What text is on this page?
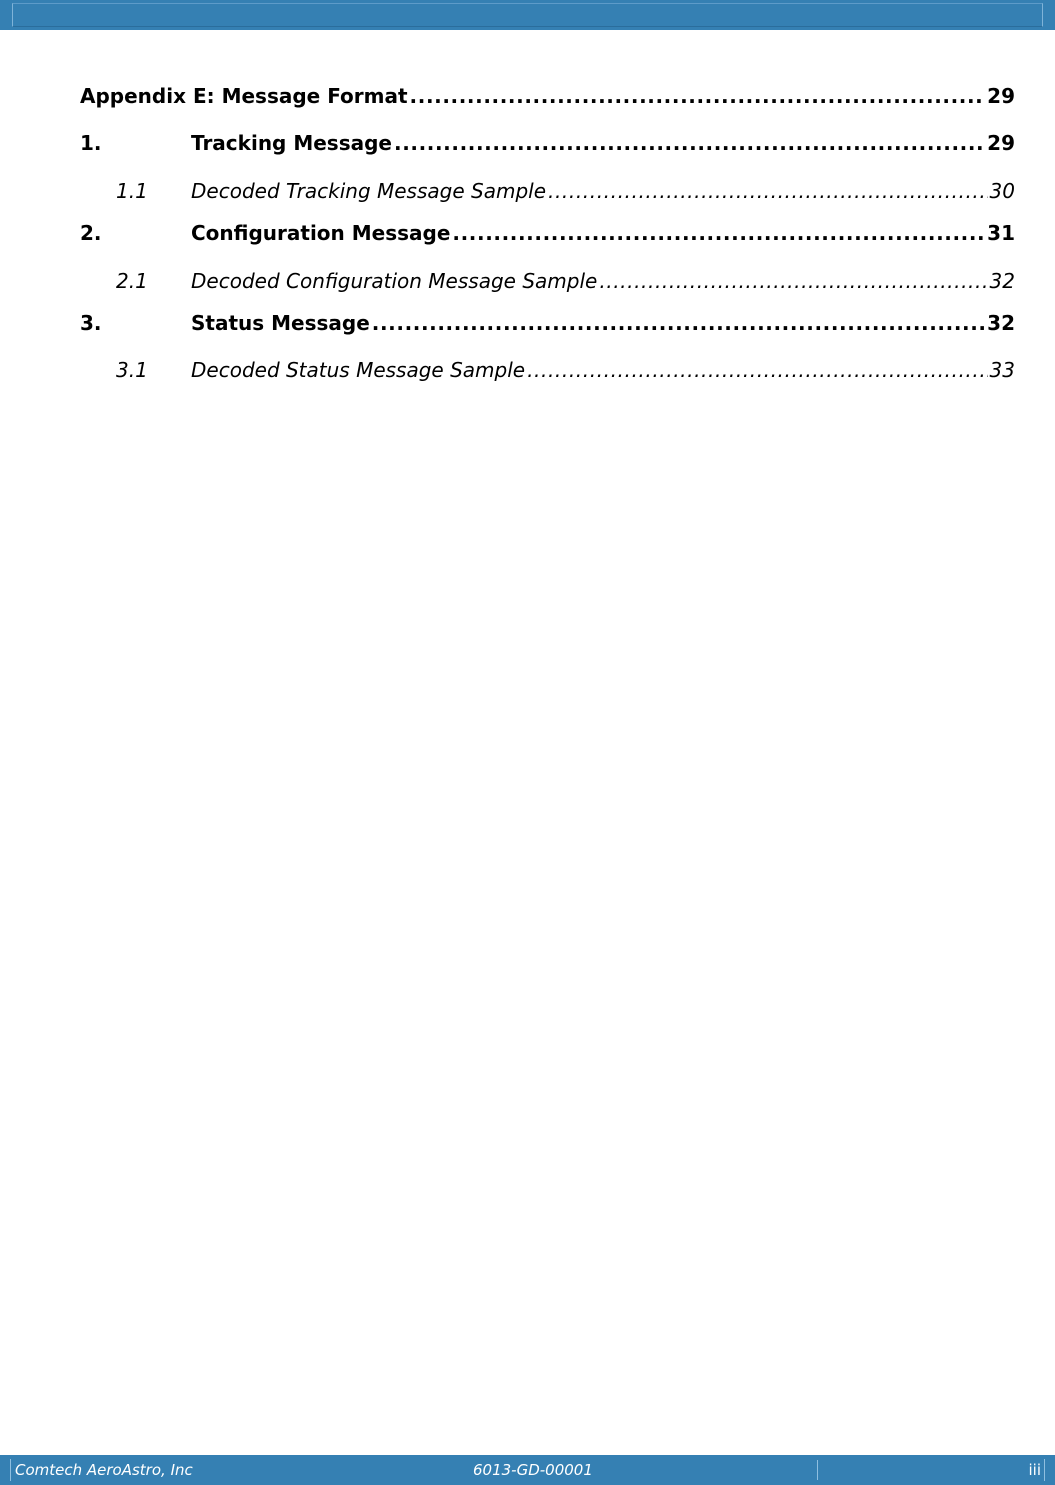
Appendix E: Message Format .....	29
1.	Tracking Message .....	29
1.1	Decoded Tracking Message Sample .....	30
2.	Configuration Message .....	31
2.1	Decoded Configuration Message Sample .....	32
3.	Status Message .....	32
3.1	Decoded Status Message Sample .....	33
Comtech AeroAstro, Inc	6013-GD-00001	iii
